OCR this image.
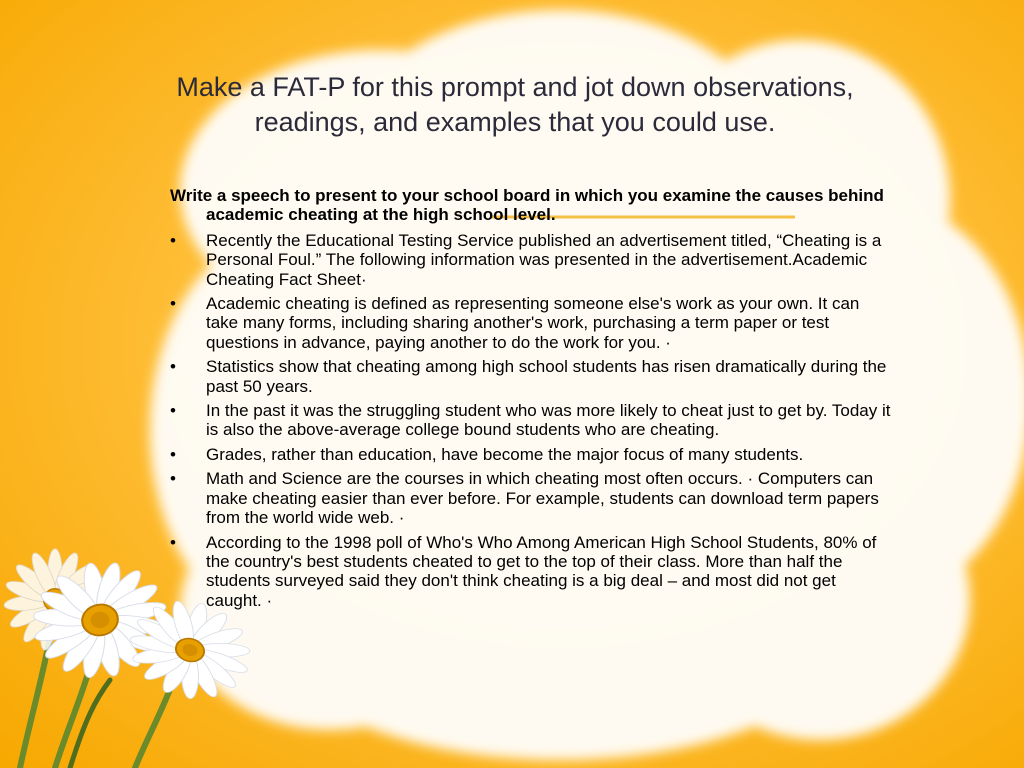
Make a FAT-P for this prompt and jot down observations, readings, and examples that you could use.

Write a speech to present to your school board in which you examine the causes behind academic cheating at the high school level.

• Recently the Educational Testing Service published an advertisement titled, “Cheating is a Personal Foul.” The following information was presented in the advertisement.Academic Cheating Fact Sheet·
• Academic cheating is defined as representing someone else's work as your own. It can take many forms, including sharing another's work, purchasing a term paper or test questions in advance, paying another to do the work for you. ·
• Statistics show that cheating among high school students has risen dramatically during the past 50 years.
• In the past it was the struggling student who was more likely to cheat just to get by. Today it is also the above-average college bound students who are cheating.
• Grades, rather than education, have become the major focus of many students.
• Math and Science are the courses in which cheating most often occurs. · Computers can make cheating easier than ever before. For example, students can download term papers from the world wide web. ·
• According to the 1998 poll of Who's Who Among American High School Students, 80% of the country's best students cheated to get to the top of their class. More than half the students surveyed said they don't think cheating is a big deal – and most did not get caught. ·
